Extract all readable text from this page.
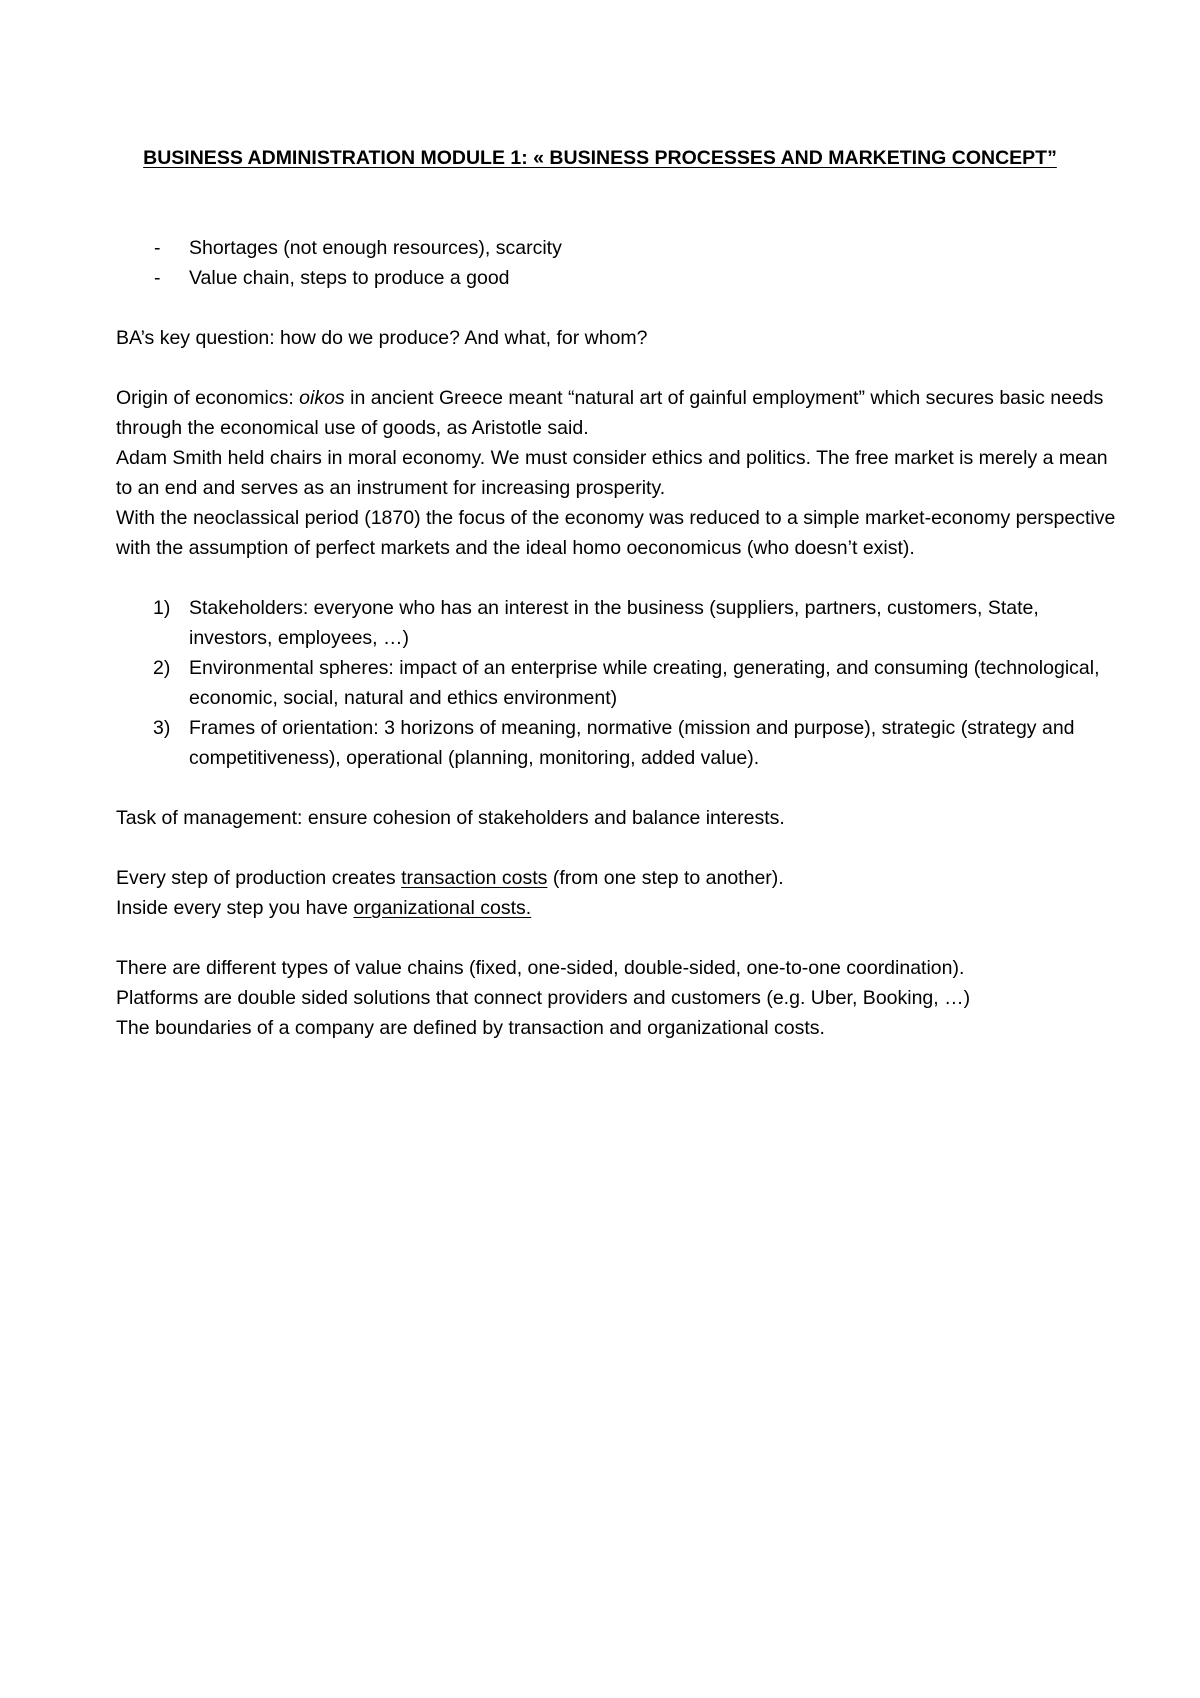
BUSINESS ADMINISTRATION MODULE 1: « BUSINESS PROCESSES AND MARKETING CONCEPT”
- Shortages (not enough resources), scarcity
- Value chain, steps to produce a good

BA’s key question: how do we produce? And what, for whom?

Origin of economics: oikos in ancient Greece meant “natural art of gainful employment” which secures basic needs through the economical use of goods, as Aristotle said.

Adam Smith held chairs in moral economy. We must consider ethics and politics. The free market is merely a mean to an end and serves as an instrument for increasing prosperity.

With the neoclassical period (1870) the focus of the economy was reduced to a simple market-economy perspective with the assumption of perfect markets and the ideal homo oeconomicus (who doesn’t exist).

1) Stakeholders: everyone who has an interest in the business (suppliers, partners, customers, State, investors, employees, …)
2) Environmental spheres: impact of an enterprise while creating, generating, and consuming (technological, economic, social, natural and ethics environment)
3) Frames of orientation: 3 horizons of meaning, normative (mission and purpose), strategic (strategy and competitiveness), operational (planning, monitoring, added value).

Task of management: ensure cohesion of stakeholders and balance interests.

Every step of production creates transaction costs (from one step to another).

Inside every step you have organizational costs.

There are different types of value chains (fixed, one-sided, double-sided, one-to-one coordination).

Platforms are double sided solutions that connect providers and customers (e.g. Uber, Booking, …)

The boundaries of a company are defined by transaction and organizational costs.
